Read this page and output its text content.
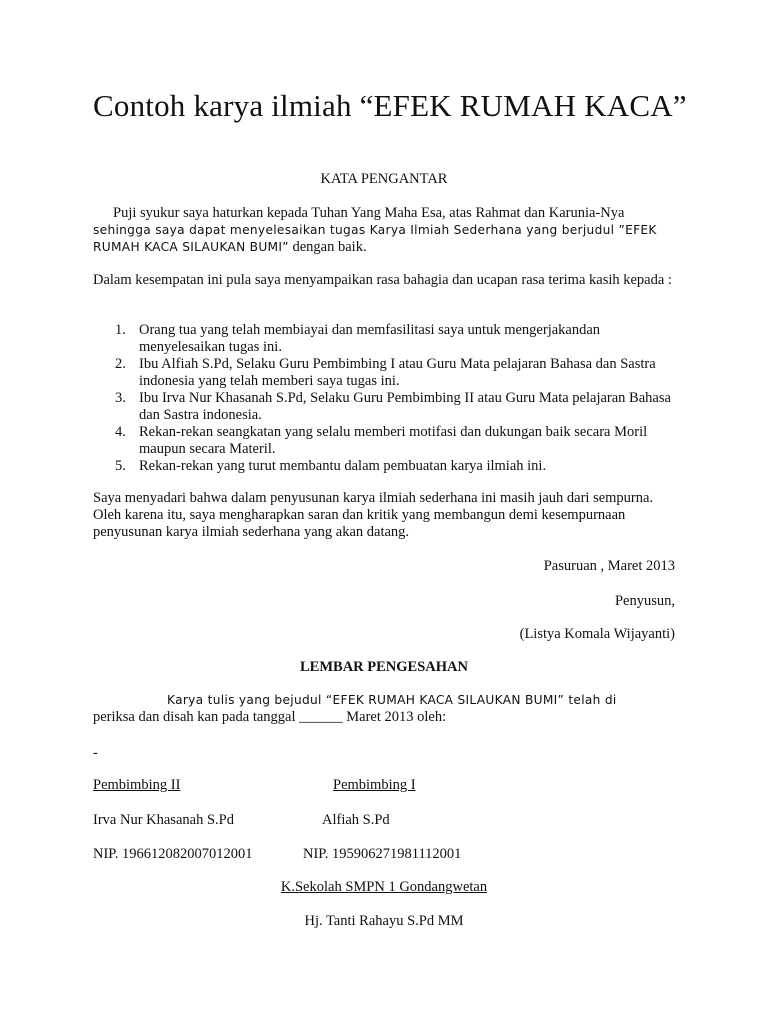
Contoh karya ilmiah “EFEK RUMAH KACA”
KATA PENGANTAR
Puji syukur saya haturkan kepada Tuhan Yang Maha Esa, atas Rahmat dan Karunia-Nya sehingga saya dapat menyelesaikan tugas Karya Ilmiah Sederhana yang berjudul ”EFEK RUMAH KACA SILAUKAN BUMI” dengan baik.
Dalam kesempatan ini pula saya menyampaikan rasa bahagia dan ucapan rasa terima kasih kepada :
1. Orang tua yang telah membiayai dan memfasilitasi saya untuk mengerjakandan menyelesaikan tugas ini.
2. Ibu Alfiah S.Pd, Selaku Guru Pembimbing I atau Guru Mata pelajaran Bahasa dan Sastra indonesia yang telah memberi saya tugas ini.
3. Ibu Irva Nur Khasanah S.Pd, Selaku Guru Pembimbing II atau Guru Mata pelajaran Bahasa dan Sastra indonesia.
4. Rekan-rekan seangkatan yang selalu memberi motifasi dan dukungan baik secara Moril maupun secara Materil.
5. Rekan-rekan yang turut membantu dalam pembuatan karya ilmiah ini.
Saya menyadari bahwa dalam penyusunan karya ilmiah sederhana ini masih jauh dari sempurna. Oleh karena itu, saya mengharapkan saran dan kritik yang membangun demi kesempurnaan penyusunan karya ilmiah sederhana yang akan datang.
Pasuruan , Maret 2013
Penyusun,
(Listya Komala Wijayanti)
LEMBAR PENGESAHAN
Karya tulis yang bejudul “EFEK RUMAH KACA SILAUKAN BUMI” telah di
periksa dan disah kan pada tanggal ______ Maret 2013 oleh:
-
Pembimbing II	Pembimbing I
Irva Nur Khasanah S.Pd	Alfiah S.Pd
NIP. 196612082007012001	NIP. 195906271981112001
K.Sekolah SMPN 1 Gondangwetan
Hj. Tanti Rahayu S.Pd MM
